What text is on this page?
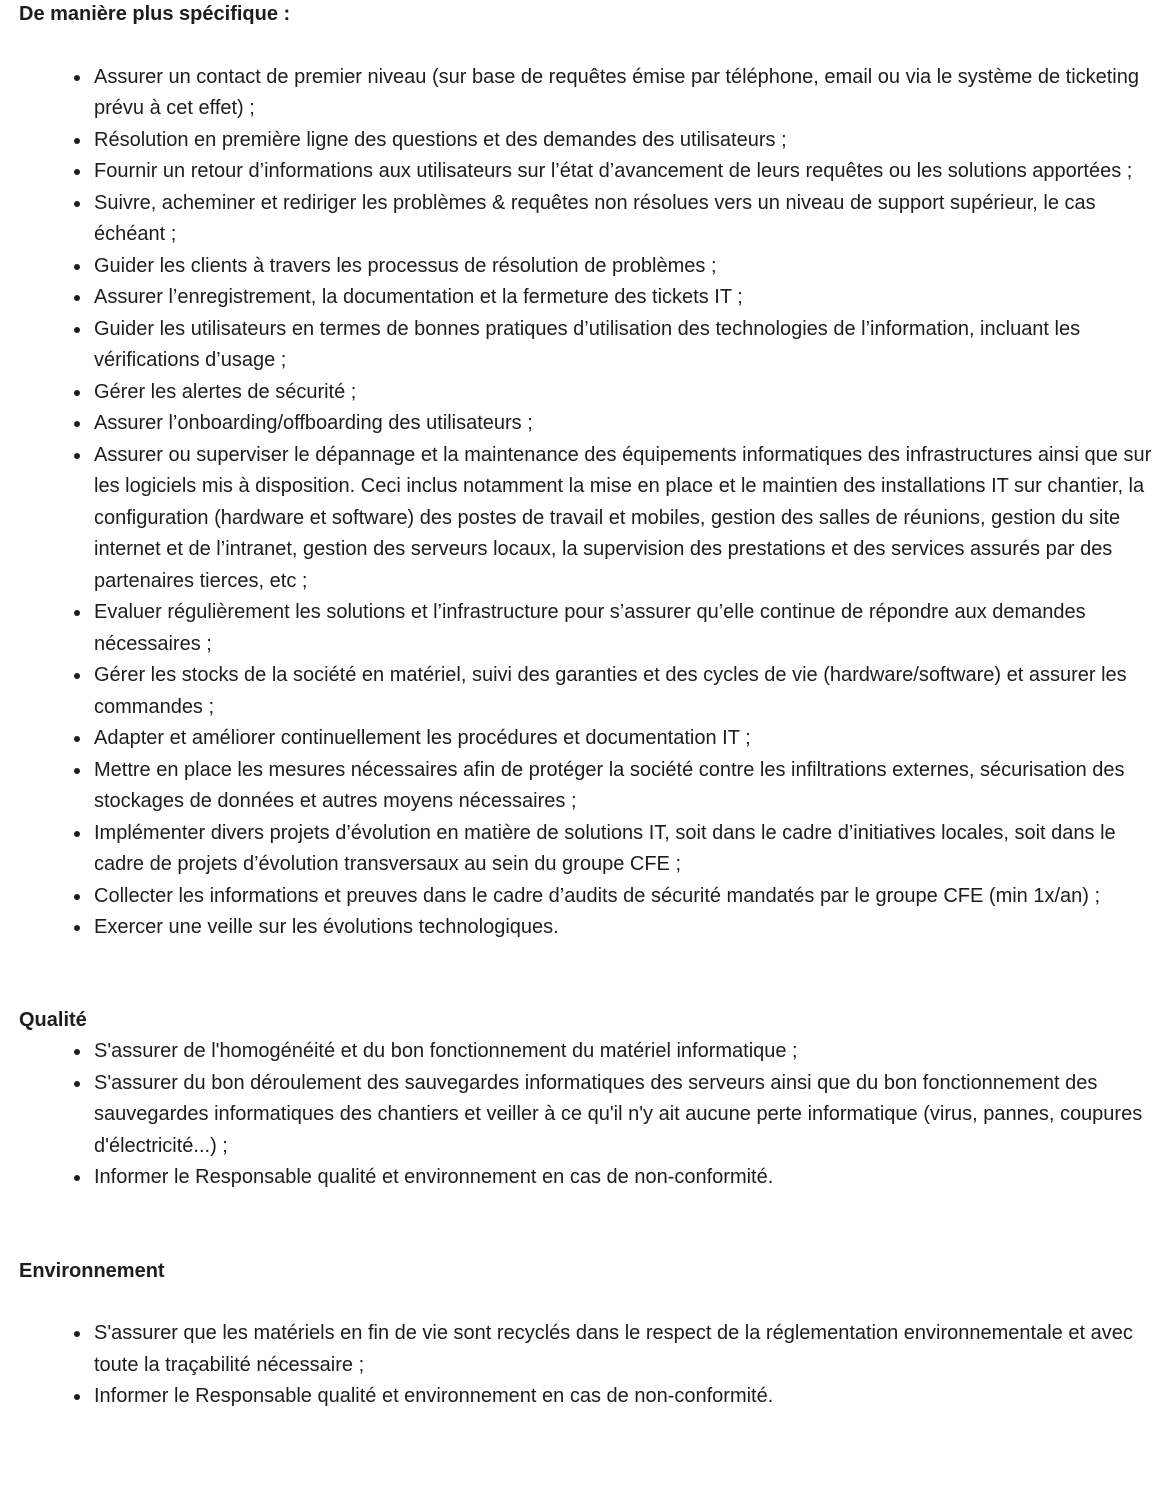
De manière plus spécifique :

Assurer un contact de premier niveau (sur base de requêtes émise par téléphone, email ou via le système de ticketing prévu à cet effet) ;
Résolution en première ligne des questions et des demandes des utilisateurs ;
Fournir un retour d’informations aux utilisateurs sur l’état d’avancement de leurs requêtes ou les solutions apportées ;
Suivre, acheminer et rediriger les problèmes & requêtes non résolues vers un niveau de support supérieur, le cas échéant ;
Guider les clients à travers les processus de résolution de problèmes ;
Assurer l’enregistrement, la documentation et la fermeture des tickets IT ;
Guider les utilisateurs en termes de bonnes pratiques d’utilisation des technologies de l’information, incluant les vérifications d’usage ;
Gérer les alertes de sécurité ;
Assurer l’onboarding/offboarding des utilisateurs ;
Assurer ou superviser le dépannage et la maintenance des équipements informatiques des infrastructures ainsi que sur les logiciels mis à disposition. Ceci inclus notamment la mise en place et le maintien des installations IT sur chantier, la configuration (hardware et software) des postes de travail et mobiles, gestion des salles de réunions, gestion du site internet et de l’intranet, gestion des serveurs locaux, la supervision des prestations et des services assurés par des partenaires tierces, etc ;
Evaluer régulièrement les solutions et l’infrastructure pour s’assurer qu’elle continue de répondre aux demandes nécessaires ;
Gérer les stocks de la société en matériel, suivi des garanties et des cycles de vie (hardware/software) et assurer les commandes ;
Adapter et améliorer continuellement les procédures et documentation IT ;
Mettre en place les mesures nécessaires afin de protéger la société contre les infiltrations externes, sécurisation des stockages de données et autres moyens nécessaires ;
Implémenter divers projets d’évolution en matière de solutions IT, soit dans le cadre d’initiatives locales, soit dans le cadre de projets d’évolution transversaux au sein du groupe CFE ;
Collecter les informations et preuves dans le cadre d’audits de sécurité mandatés par le groupe CFE (min 1x/an) ;
Exercer une veille sur les évolutions technologiques.

Qualité

S'assurer de l'homogénéité et du bon fonctionnement du matériel informatique ;
S'assurer du bon déroulement des sauvegardes informatiques des serveurs ainsi que du bon fonctionnement des sauvegardes informatiques des chantiers et veiller à ce qu'il n'y ait aucune perte informatique (virus, pannes, coupures d'électricité...) ;
Informer le Responsable qualité et environnement en cas de non-conformité.

Environnement

S'assurer que les matériels en fin de vie sont recyclés dans le respect de la réglementation environnementale et avec toute la traçabilité nécessaire ;
Informer le Responsable qualité et environnement en cas de non-conformité.
